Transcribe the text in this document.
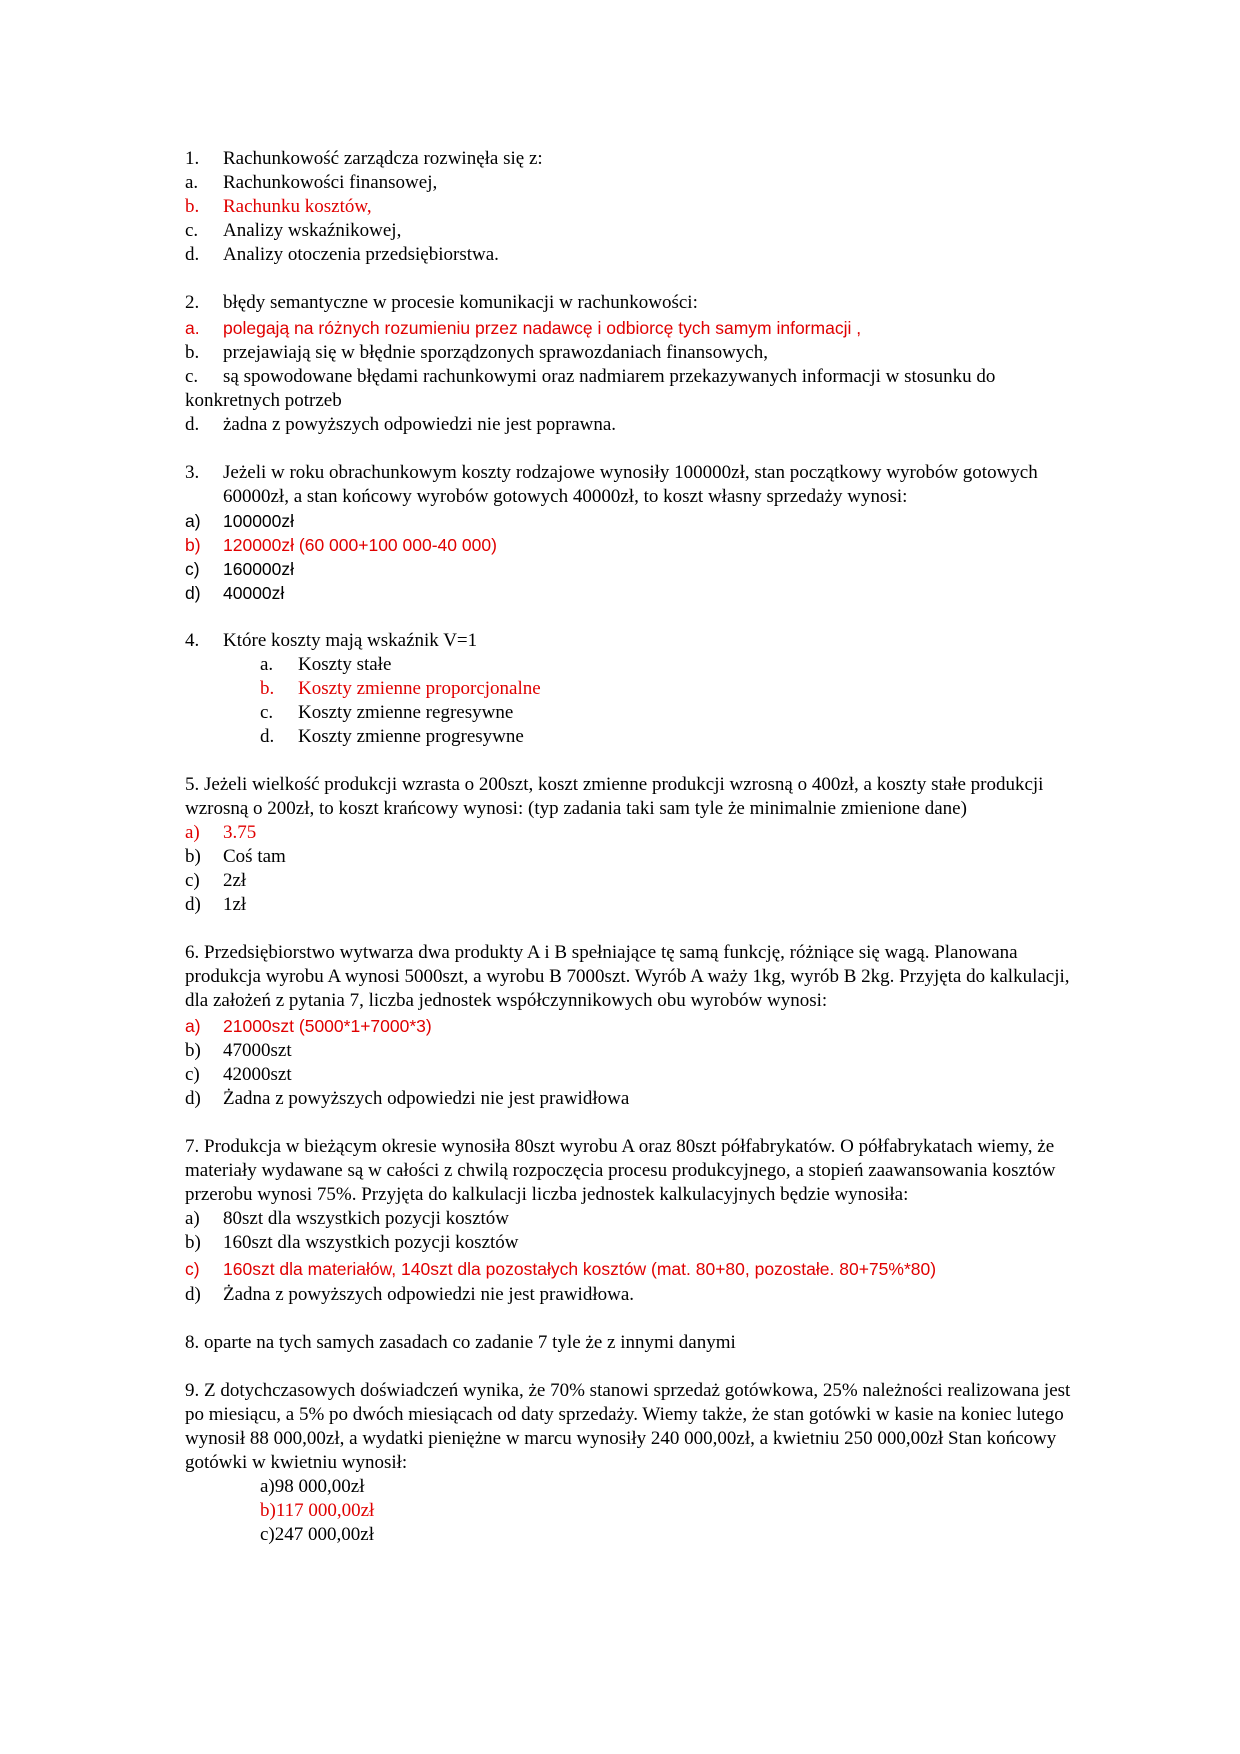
1.	Rachunkowość zarządcza rozwinęła się z:
a.	Rachunkowości finansowej,
b.	Rachunku kosztów,
c.	Analizy wskaźnikowej,
d.	Analizy otoczenia przedsiębiorstwa.
2.	błędy semantyczne w procesie komunikacji w rachunkowości:
a.	polegają na różnych rozumieniu przez nadawcę i odbiorcę tych samym informacji ,
b.	przejawiają się w błędnie sporządzonych sprawozdaniach finansowych,
c. są spowodowane błędami rachunkowymi oraz nadmiarem przekazywanych informacji w stosunku do konkretnych potrzeb
d.	żadna z powyższych odpowiedzi nie jest poprawna.
3.	Jeżeli w roku obrachunkowym koszty rodzajowe wynosiły 100000zł, stan początkowy wyrobów gotowych 60000zł, a stan końcowy wyrobów gotowych 40000zł, to koszt własny sprzedaży wynosi:
a)	100000zł
b)	120000zł (60 000+100 000-40 000)
c)	160000zł
d)	40000zł
4.	Które koszty mają wskaźnik V=1
a.	Koszty stałe
b.	Koszty zmienne proporcjonalne
c.	Koszty zmienne regresywne
d.	Koszty zmienne progresywne
5. Jeżeli wielkość produkcji wzrasta o 200szt, koszt zmienne produkcji wzrosną o 400zł, a koszty stałe produkcji wzrosną o 200zł, to koszt krańcowy wynosi: (typ zadania taki sam tyle że minimalnie zmienione dane)
a)	3.75
b)	Coś tam
c)	2zł
d)	1zł
6. Przedsiębiorstwo wytwarza dwa produkty A i B spełniające tę samą funkcję, różniące się wagą. Planowana produkcja wyrobu A wynosi 5000szt, a wyrobu B 7000szt. Wyrób A waży 1kg, wyrób B 2kg. Przyjęta do kalkulacji, dla założeń z pytania 7, liczba jednostek współczynnikowych obu wyrobów wynosi:
a)	21000szt (5000*1+7000*3)
b)	47000szt
c)	42000szt
d)	Żadna z powyższych odpowiedzi nie jest prawidłowa
7. Produkcja w bieżącym okresie wynosiła 80szt wyrobu A oraz 80szt półfabrykatów. O półfabrykatach wiemy, że materiały wydawane są w całości z chwilą rozpoczęcia procesu produkcyjnego, a stopień zaawansowania kosztów przerobu wynosi 75%. Przyjęta do kalkulacji liczba jednostek kalkulacyjnych będzie wynosiła:
a)	80szt dla wszystkich pozycji kosztów
b)	160szt dla wszystkich pozycji kosztów
c)	160szt dla materiałów, 140szt dla pozostałych kosztów (mat. 80+80, pozostałe. 80+75%*80)
d)	Żadna z powyższych odpowiedzi nie jest prawidłowa.
8. oparte na tych samych zasadach co zadanie 7 tyle że z innymi danymi
9. Z dotychczasowych doświadczeń wynika, że 70% stanowi sprzedaż gotówkowa, 25% należności realizowana jest po miesiącu, a 5% po dwóch miesiącach od daty sprzedaży. Wiemy także, że stan gotówki w kasie na koniec lutego wynosił 88 000,00zł, a wydatki pieniężne w marcu wynosiły 240 000,00zł, a kwietniu 250 000,00zł Stan końcowy gotówki w kwietniu wynosił:
a)98 000,00zł
b)117 000,00zł
c)247 000,00zł
